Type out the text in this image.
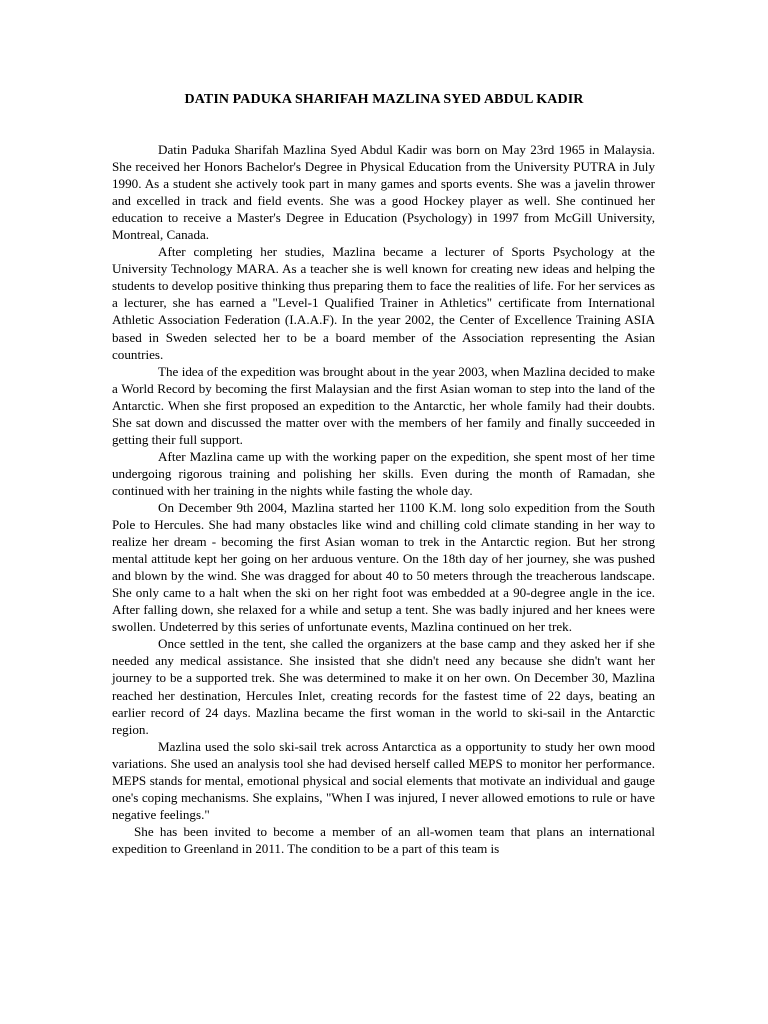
DATIN PADUKA SHARIFAH MAZLINA SYED ABDUL KADIR

Datin Paduka Sharifah Mazlina Syed Abdul Kadir was born on May 23rd 1965 in Malaysia. She received her Honors Bachelor's Degree in Physical Education from the University PUTRA in July 1990. As a student she actively took part in many games and sports events. She was a javelin thrower and excelled in track and field events. She was a good Hockey player as well. She continued her education to receive a Master's Degree in Education (Psychology) in 1997 from McGill University, Montreal, Canada.

After completing her studies, Mazlina became a lecturer of Sports Psychology at the University Technology MARA. As a teacher she is well known for creating new ideas and helping the students to develop positive thinking thus preparing them to face the realities of life. For her services as a lecturer, she has earned a "Level-1 Qualified Trainer in Athletics" certificate from International Athletic Association Federation (I.A.A.F). In the year 2002, the Center of Excellence Training ASIA based in Sweden selected her to be a board member of the Association representing the Asian countries.

The idea of the expedition was brought about in the year 2003, when Mazlina decided to make a World Record by becoming the first Malaysian and the first Asian woman to step into the land of the Antarctic. When she first proposed an expedition to the Antarctic, her whole family had their doubts. She sat down and discussed the matter over with the members of her family and finally succeeded in getting their full support.

After Mazlina came up with the working paper on the expedition, she spent most of her time undergoing rigorous training and polishing her skills. Even during the month of Ramadan, she continued with her training in the nights while fasting the whole day.

On December 9th 2004, Mazlina started her 1100 K.M. long solo expedition from the South Pole to Hercules. She had many obstacles like wind and chilling cold climate standing in her way to realize her dream - becoming the first Asian woman to trek in the Antarctic region. But her strong mental attitude kept her going on her arduous venture. On the 18th day of her journey, she was pushed and blown by the wind. She was dragged for about 40 to 50 meters through the treacherous landscape. She only came to a halt when the ski on her right foot was embedded at a 90-degree angle in the ice. After falling down, she relaxed for a while and setup a tent. She was badly injured and her knees were swollen. Undeterred by this series of unfortunate events, Mazlina continued on her trek.

Once settled in the tent, she called the organizers at the base camp and they asked her if she needed any medical assistance. She insisted that she didn't need any because she didn't want her journey to be a supported trek. She was determined to make it on her own. On December 30, Mazlina reached her destination, Hercules Inlet, creating records for the fastest time of 22 days, beating an earlier record of 24 days. Mazlina became the first woman in the world to ski-sail in the Antarctic region.

Mazlina used the solo ski-sail trek across Antarctica as a opportunity to study her own mood variations. She used an analysis tool she had devised herself called MEPS to monitor her performance. MEPS stands for mental, emotional physical and social elements that motivate an individual and gauge one's coping mechanisms. She explains, "When I was injured, I never allowed emotions to rule or have negative feelings."

She has been invited to become a member of an all-women team that plans an international expedition to Greenland in 2011. The condition to be a part of this team is
